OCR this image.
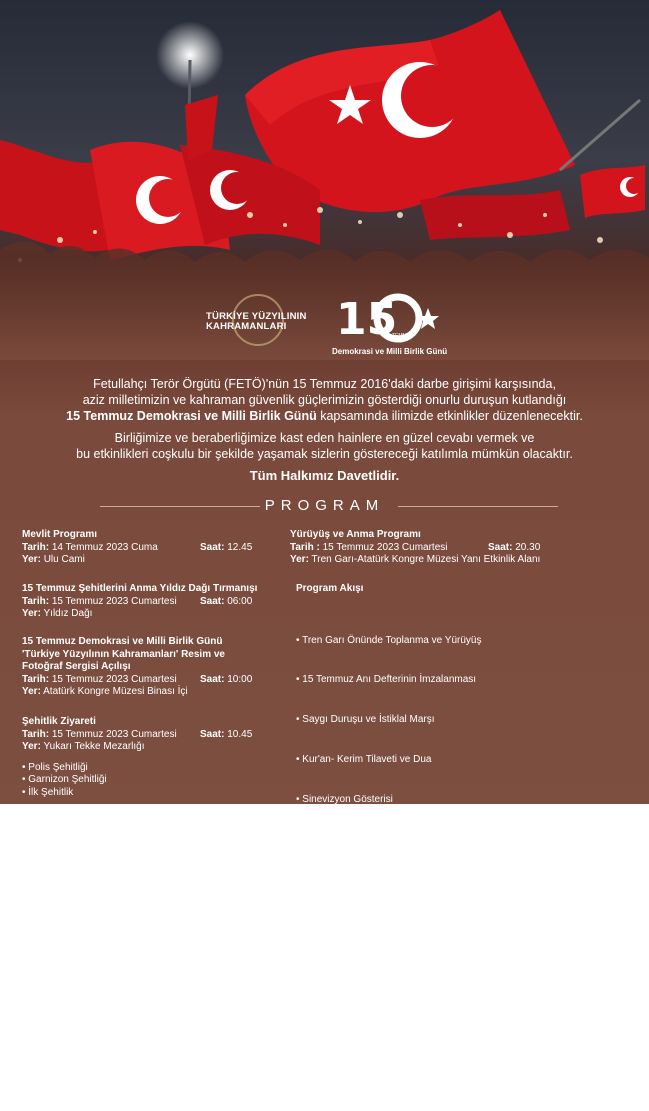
TÜRKİYE YÜZYILININ KAHRAMANLARI	15
TEMMUZ
Demokrasi ve Milli Birlik Günü

Fetullahçı Terör Örgütü (FETÖ)'nün 15 Temmuz 2016'daki darbe girişimi karşısında,

aziz milletimizin ve kahraman güvenlik güçlerimizin gösterdiği onurlu duruşun kutlandığı

15 Temmuz Demokrasi ve Milli Birlik Günü kapsamında ilimizde etkinlikler düzenlenecektir.

Birliğimize ve beraberliğimize kast eden hainlere en güzel cevabı vermek ve
bu etkinlikleri coşkulu bir şekilde yaşamak sizlerin göstereceği katılımla mümkün olacaktır.
Tüm Halkımız Davetlidir.
PROGRAM
Mevlit Programı
Tarih: 14 Temmuz 2023 Cuma	Saat: 12.45
Yer: Ulu Cami
15 Temmuz Şehitlerini Anma Yıldız Dağı Tırmanışı
Tarih: 15 Temmuz 2023 Cumartesi Saat: 06:00
Yer: Yıldız Dağı
15 Temmuz Demokrasi ve Milli Birlik Günü
'Türkiye Yüzyılının Kahramanları' Resim ve
Fotoğraf Sergisi Açılışı
Tarih: 15 Temmuz 2023 Cumartesi Saat: 10:00
Yer: Atatürk Kongre Müzesi Binası İçi
Şehitlik Ziyareti
Tarih: 15 Temmuz 2023 Cumartesi Saat: 10.45
Yer: Yukarı Tekke Mezarlığı
• Polis Şehitliği
• Garnizon Şehitliği
• İlk Şehitlik
Yürüyüş ve Anma Programı
Tarih : 15 Temmuz 2023 Cumartesi	Saat: 20.30
Yer: Tren Garı-Atatürk Kongre Müzesi Yanı Etkinlik Alanı
Program Akışı

• Tren Garı Önünde Toplanma ve Yürüyüş

• 15 Temmuz Anı Defterinin İmzalanması

• Saygı Duruşu ve İstiklal Marşı

• Kur'an- Kerim Tilaveti ve Dua

• Sinevizyon Gösterisi

• Protokol Konuşmaları

• Gençlik ve Spor İl Müdürlüğü Tarafından Sancak Koşusu ve

Sahnede Sancak Teslimi

• DTHM Korosu Müdürlüğü Solistlerinin Kahramanlık Türküleri Konseri

• Cumhurbaşkanımız Sayın Recep Tayyip ERDOĞAN'ın

Konuşması - Canlı Yayın

• 16 Temmuz 2023 Pazar Günü Saat 00.13'te Selaların Okunması
